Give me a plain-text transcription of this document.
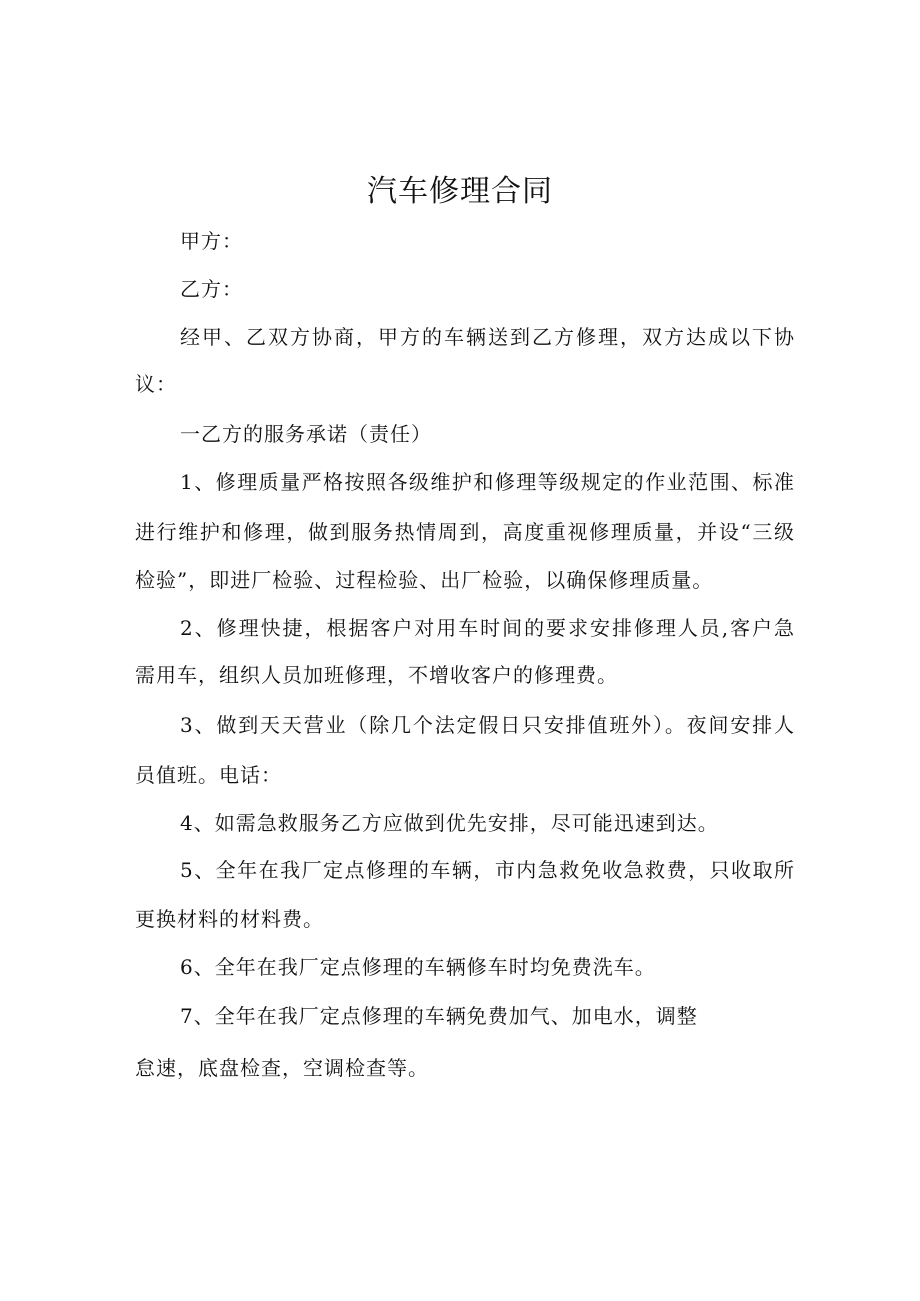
汽车修理合同

甲方：

乙方：

经甲、乙双方协商，甲方的车辆送到乙方修理，双方达成以下协

议：

一乙方的服务承诺（责任）

1、修理质量严格按照各级维护和修理等级规定的作业范围、标准

进行维护和修理，做到服务热情周到，高度重视修理质量，并设“三级

检验”，即进厂检验、过程检验、出厂检验，以确保修理质量。

2、修理快捷，根据客户对用车时间的要求安排修理人员,客户急

需用车，组织人员加班修理，不增收客户的修理费。

3、做到天天营业（除几个法定假日只安排值班外）。夜间安排人

员值班。电话：

4、如需急救服务乙方应做到优先安排，尽可能迅速到达。

5、全年在我厂定点修理的车辆，市内急救免收急救费，只收取所

更换材料的材料费。

6、全年在我厂定点修理的车辆修车时均免费洗车。

7、全年在我厂定点修理的车辆免费加气、加电水，调整

怠速，底盘检查，空调检查等。
